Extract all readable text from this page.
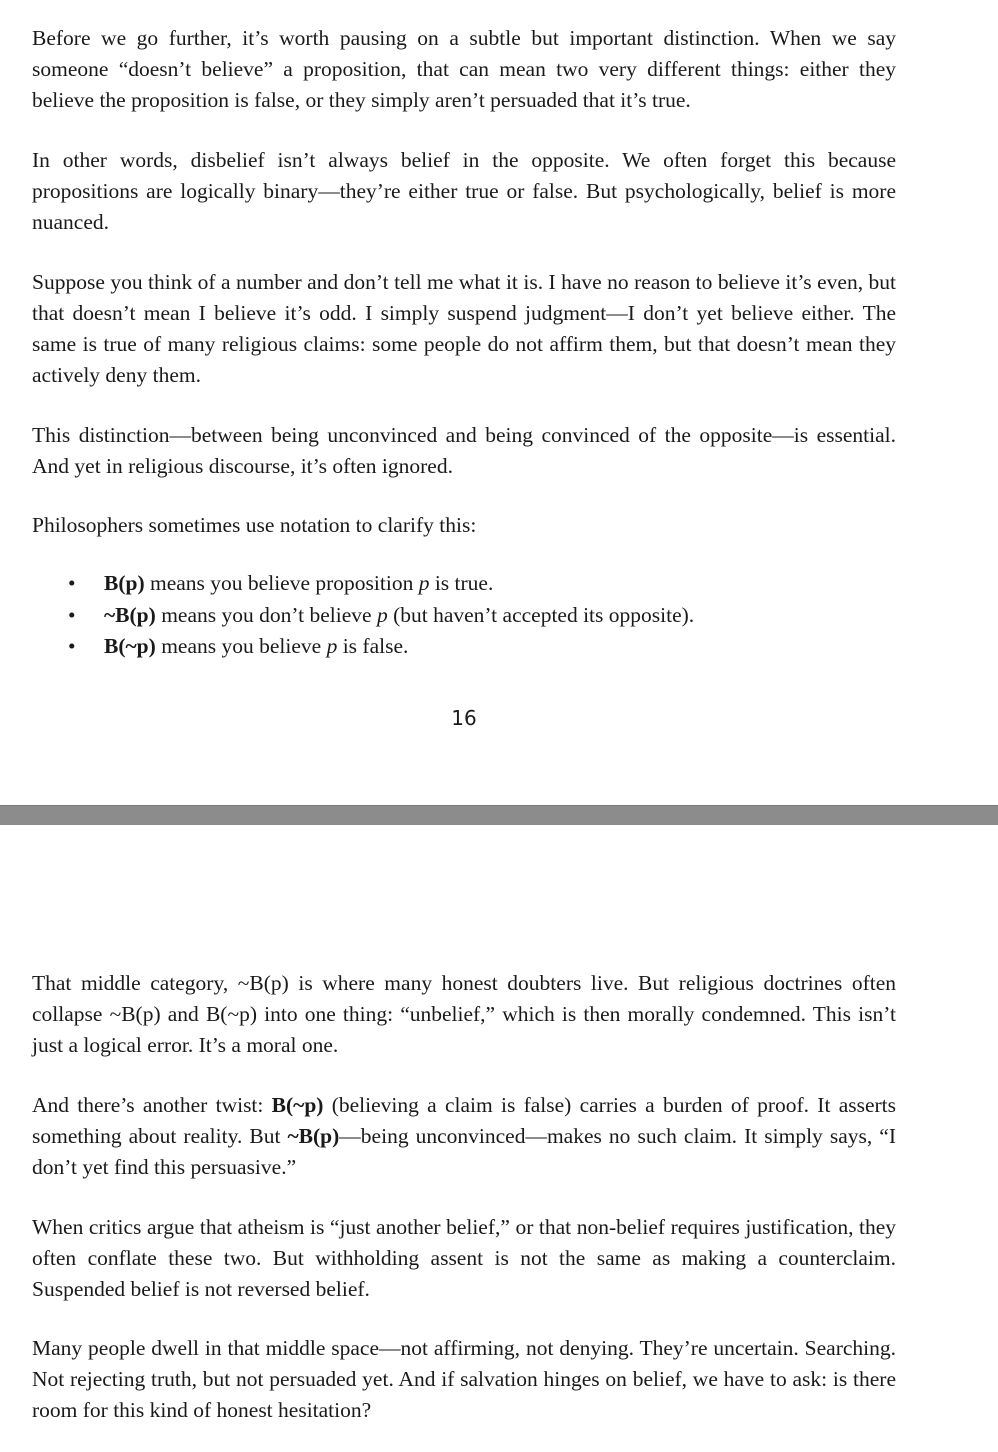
Before we go further, it’s worth pausing on a subtle but important distinction. When we say someone “doesn’t believe” a proposition, that can mean two very different things: either they believe the proposition is false, or they simply aren’t persuaded that it’s true.

In other words, disbelief isn’t always belief in the opposite. We often forget this because propositions are logically binary—they’re either true or false. But psychologically, belief is more nuanced.

Suppose you think of a number and don’t tell me what it is. I have no reason to believe it’s even, but that doesn’t mean I believe it’s odd. I simply suspend judgment—I don’t yet believe either. The same is true of many religious claims: some people do not affirm them, but that doesn’t mean they actively deny them.

This distinction—between being unconvinced and being convinced of the opposite—is essential. And yet in religious discourse, it’s often ignored.

Philosophers sometimes use notation to clarify this:

• B(p) means you believe proposition p is true.
• ~B(p) means you don’t believe p (but haven’t accepted its opposite).
• B(~p) means you believe p is false.
16

That middle category, ~B(p) is where many honest doubters live. But religious doctrines often collapse ~B(p) and B(~p) into one thing: “unbelief,” which is then morally condemned. This isn’t just a logical error. It’s a moral one.

And there’s another twist: B(~p) (believing a claim is false) carries a burden of proof. It asserts something about reality. But ~B(p)—being unconvinced—makes no such claim. It simply says, “I don’t yet find this persuasive.”

When critics argue that atheism is “just another belief,” or that non-belief requires justification, they often conflate these two. But withholding assent is not the same as making a counterclaim. Suspended belief is not reversed belief.

Many people dwell in that middle space—not affirming, not denying. They’re uncertain. Searching. Not rejecting truth, but not persuaded yet. And if salvation hinges on belief, we have to ask: is there room for this kind of honest hesitation?
